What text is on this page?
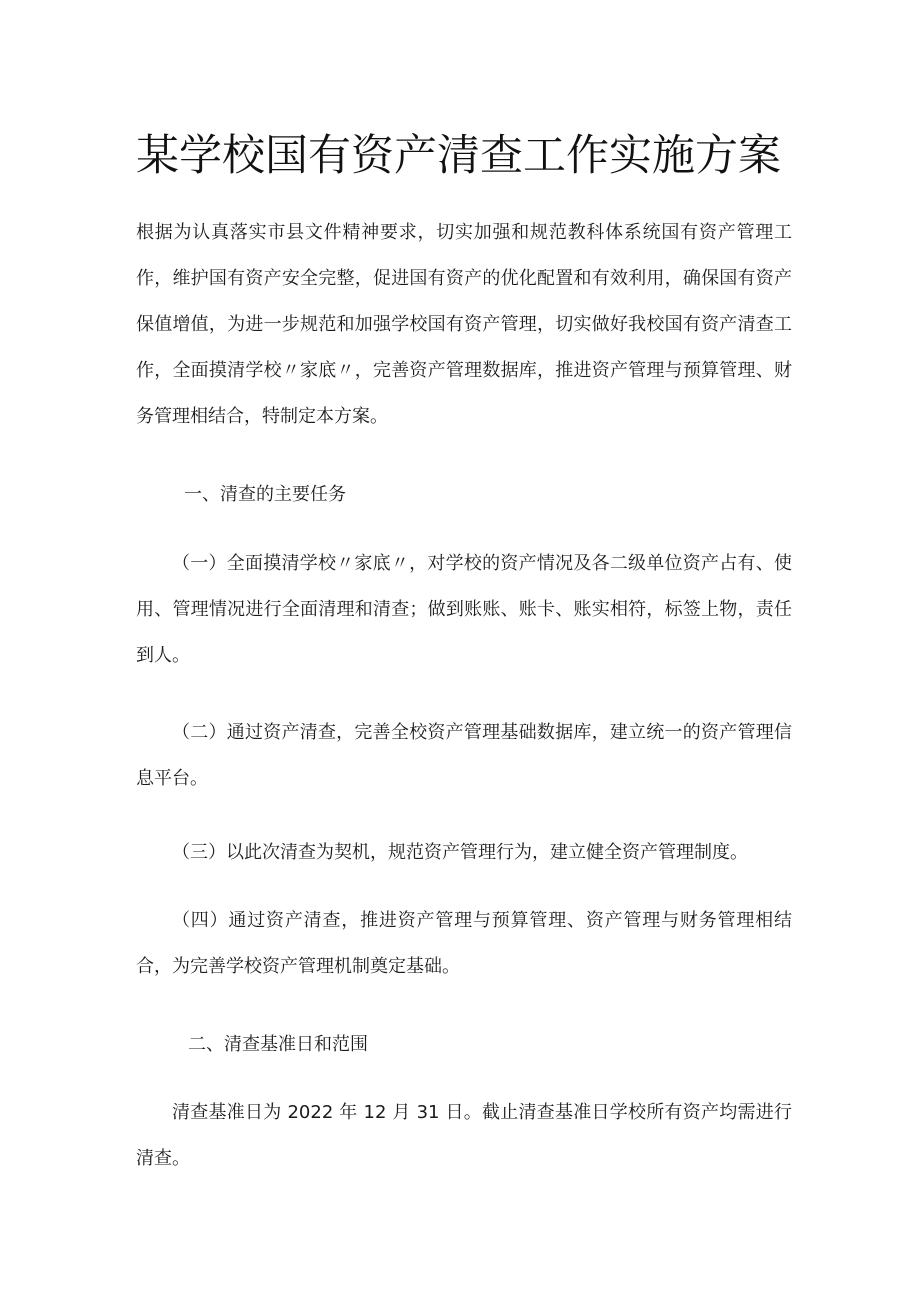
某学校国有资产清查工作实施方案

根据为认真落实市县文件精神要求，切实加强和规范教科体系统国有资产管理工作，维护国有资产安全完整，促进国有资产的优化配置和有效利用，确保国有资产保值增值，为进一步规范和加强学校国有资产管理，切实做好我校国有资产清查工作，全面摸清学校〃家底〃，完善资产管理数据库，推进资产管理与预算管理、财务管理相结合，特制定本方案。

一、清查的主要任务

（一）全面摸清学校〃家底〃，对学校的资产情况及各二级单位资产占有、使用、管理情况进行全面清理和清查；做到账账、账卡、账实相符，标签上物，责任到人。

（二）通过资产清查，完善全校资产管理基础数据库，建立统一的资产管理信息平台。

（三）以此次清查为契机，规范资产管理行为，建立健全资产管理制度。

（四）通过资产清查，推进资产管理与预算管理、资产管理与财务管理相结合，为完善学校资产管理机制奠定基础。

二、清查基准日和范围

清查基准日为 2022 年 12 月 31 日。截止清查基准日学校所有资产均需进行清查。
